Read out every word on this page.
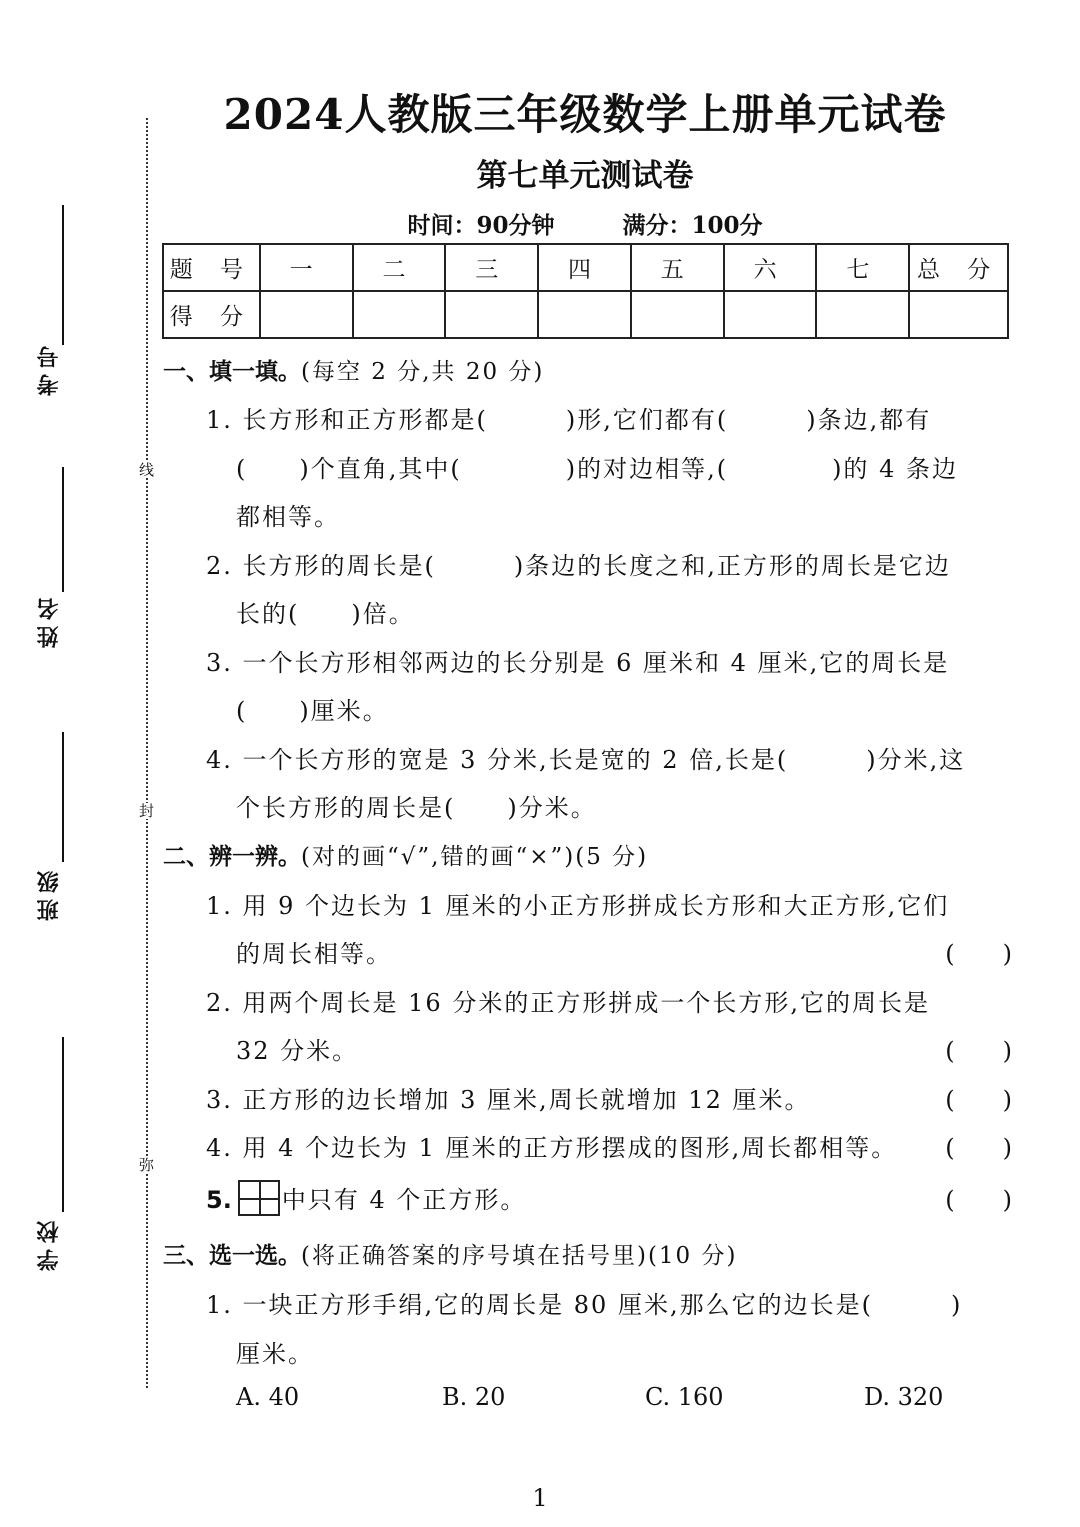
线
封
弥
考号
姓名
班级
学校
2024人教版三年级数学上册单元试卷
第七单元测试卷
时间：90分钟	满分：100分
题 号	一	二	三	四	五	六	七	总 分
得 分								
一、填一填。(每空 2 分,共 20 分)
1. 长方形和正方形都是(　　　)形,它们都有(　　　)条边,都有
(　　)个直角,其中(　　　　)的对边相等,(　　　　)的 4 条边
都相等。
2. 长方形的周长是(　　　)条边的长度之和,正方形的周长是它边
长的(　　)倍。
3. 一个长方形相邻两边的长分别是 6 厘米和 4 厘米,它的周长是
(　　)厘米。
4. 一个长方形的宽是 3 分米,长是宽的 2 倍,长是(　　　)分米,这
个长方形的周长是(　　)分米。
二、辨一辨。(对的画“√”,错的画“×”)(5 分)
1. 用 9 个边长为 1 厘米的小正方形拼成长方形和大正方形,它们
的周长相等。	(　　)
2. 用两个周长是 16 分米的正方形拼成一个长方形,它的周长是
32 分米。	(　　)
3. 正方形的边长增加 3 厘米,周长就增加 12 厘米。	(　　)
4. 用 4 个边长为 1 厘米的正方形摆成的图形,周长都相等。 (　　)
5. 中只有 4 个正方形。	(　　)
三、选一选。(将正确答案的序号填在括号里)(10 分)
1. 一块正方形手绢,它的周长是 80 厘米,那么它的边长是(　　　)
厘米。
A. 40	B. 20	C. 160	D. 320
1
